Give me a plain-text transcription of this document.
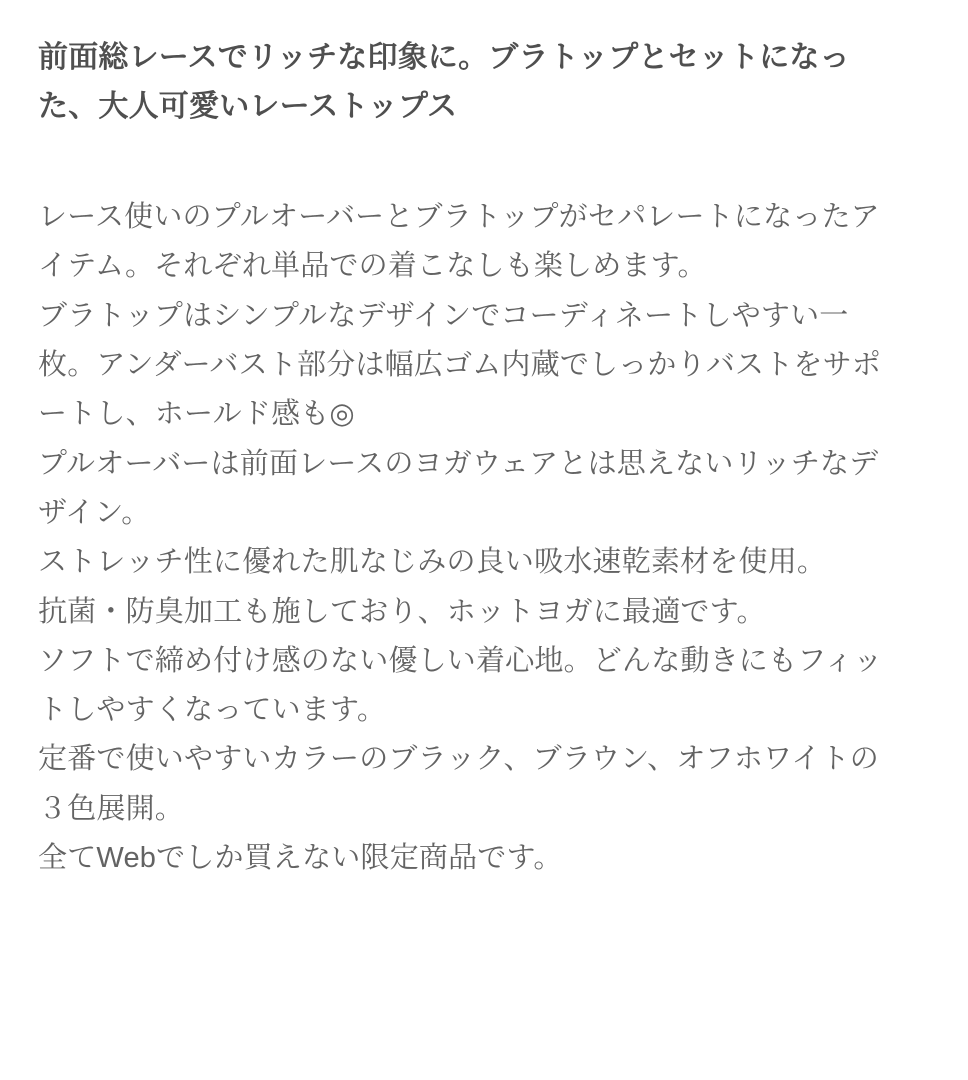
前面総レースでリッチな印象に。ブラトップとセットになった、大人可愛いレーストップス

レース使いのプルオーバーとブラトップがセパレートになったアイテム。それぞれ単品での着こなしも楽しめます。

ブラトップはシンプルなデザインでコーディネートしやすい一枚。アンダーバスト部分は幅広ゴム内蔵でしっかりバストをサポートし、ホールド感も◎

プルオーバーは前面レースのヨガウェアとは思えないリッチなデザイン。

ストレッチ性に優れた肌なじみの良い吸水速乾素材を使用。

抗菌・防臭加工も施しており、ホットヨガに最適です。

ソフトで締め付け感のない優しい着心地。どんな動きにもフィットしやすくなっています。

定番で使いやすいカラーのブラック、ブラウン、オフホワイトの３色展開。

全てWebでしか買えない限定商品です。
